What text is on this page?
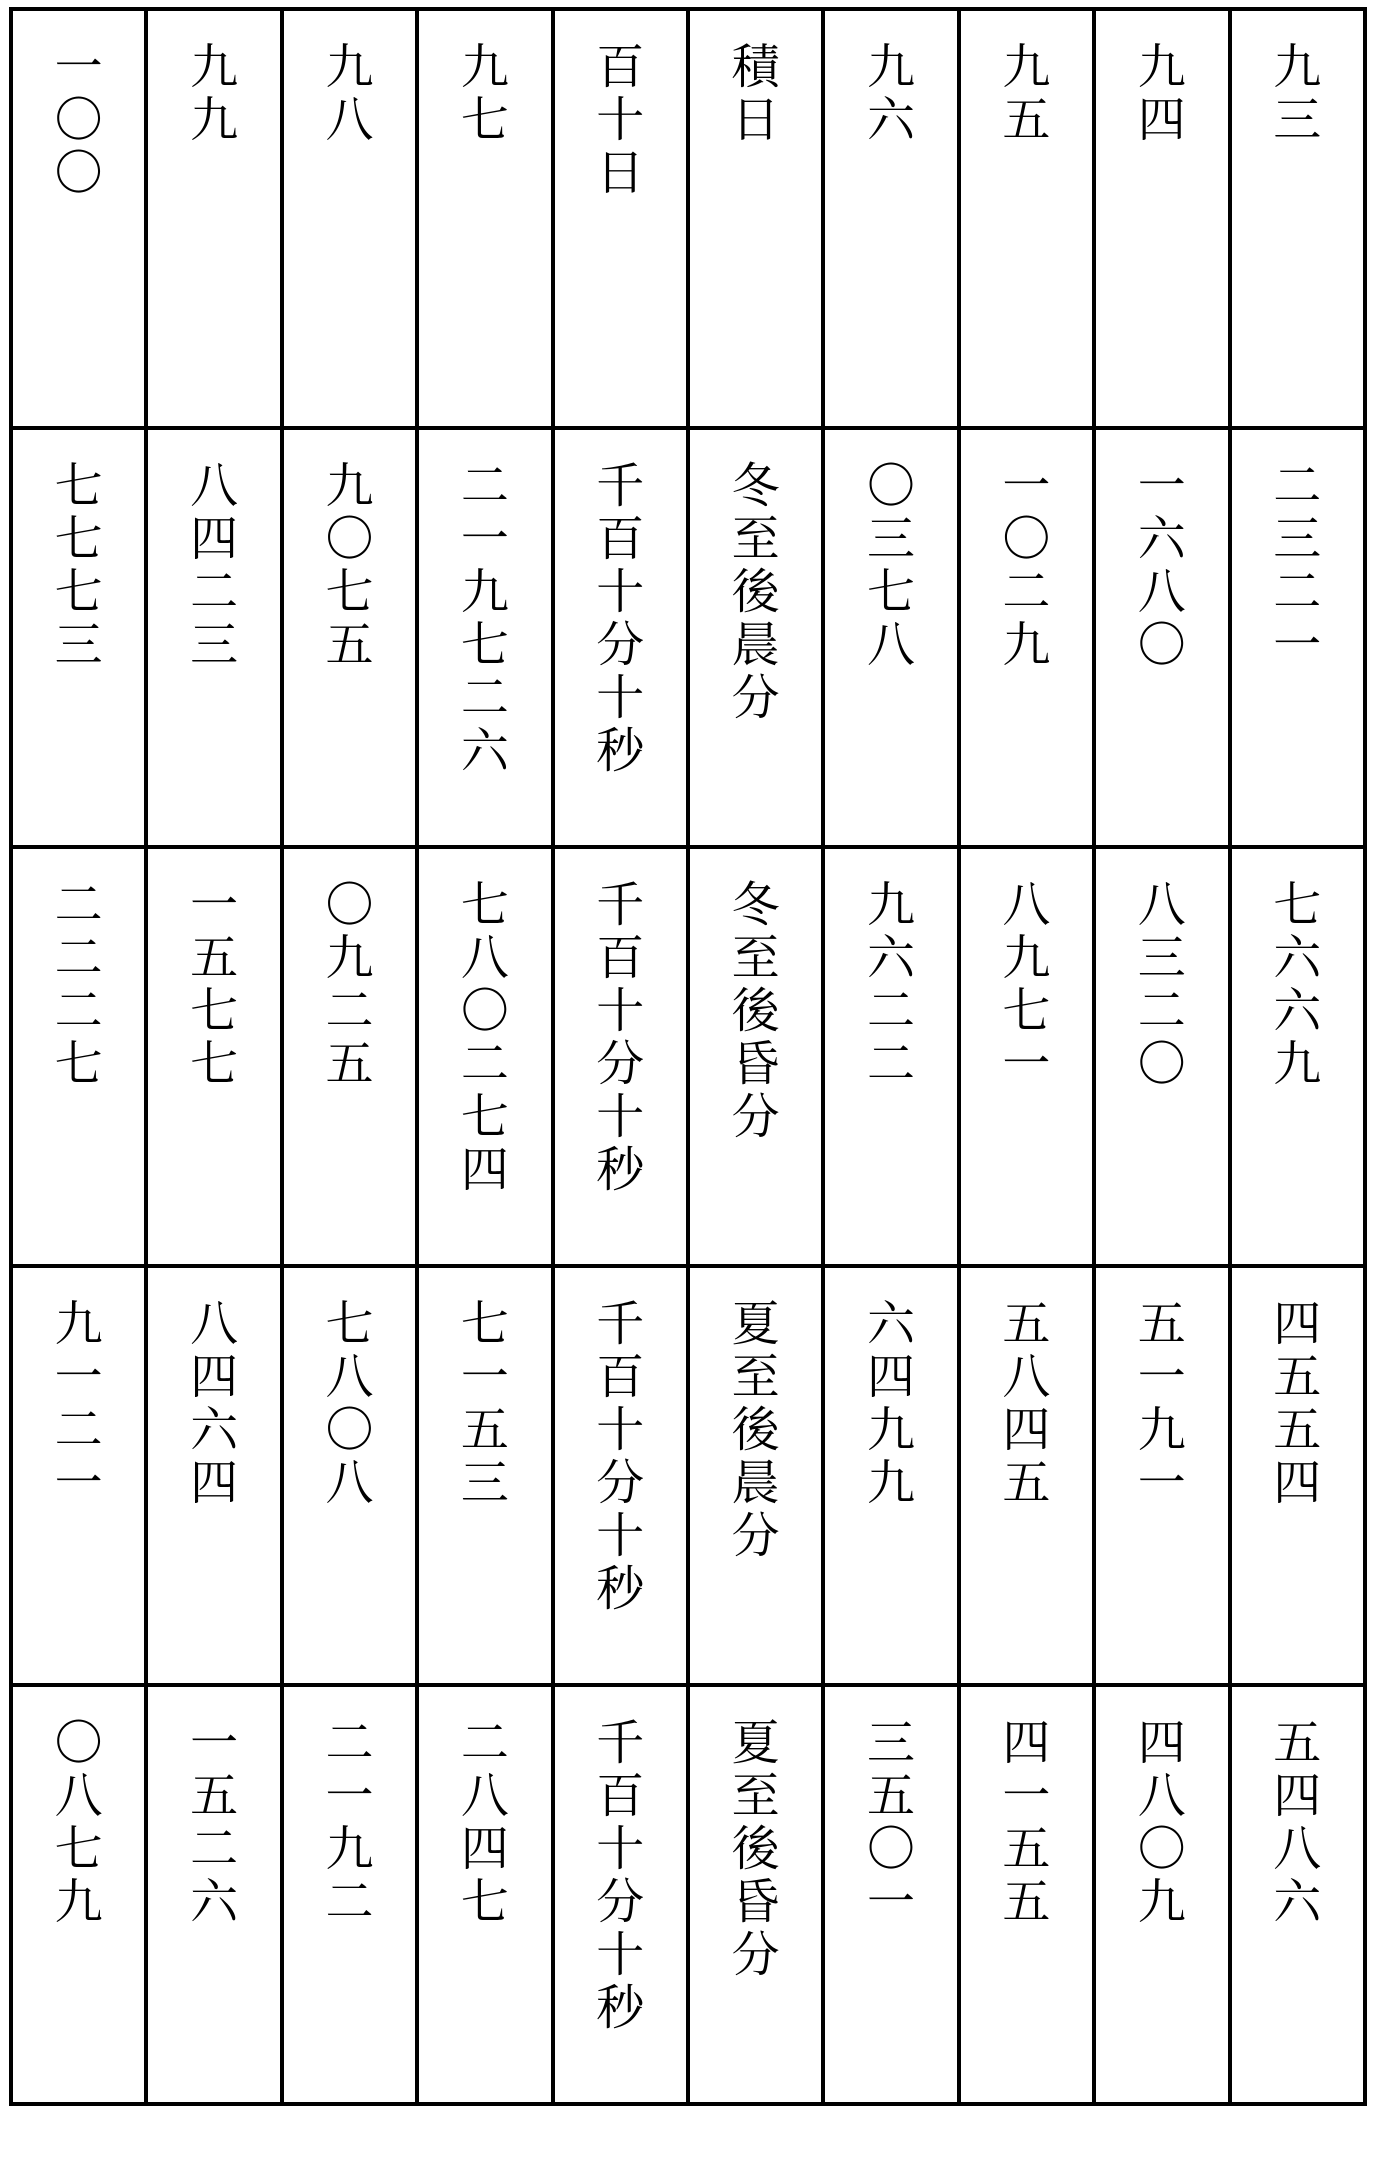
一〇〇	九九	九八	九七	百十日	積日	九六	九五	九四	九三
七七七三	八四二三	九〇七五	二一九七二六	千百十分十秒	冬至後晨分	〇三七八	一〇二九	一六八〇	二三二一
二二二七	一五七七	〇九二五	七八〇二七四	千百十分十秒	冬至後昏分	九六二二	八九七一	八三二〇	七六六九
九一二一	八四六四	七八〇八	七一五三	千百十分十秒	夏至後晨分	六四九九	五八四五	五一九一	四五五四
〇八七九	一五二六	二一九二	二八四七	千百十分十秒	夏至後昏分	三五〇一	四一五五	四八〇九	五四八六
